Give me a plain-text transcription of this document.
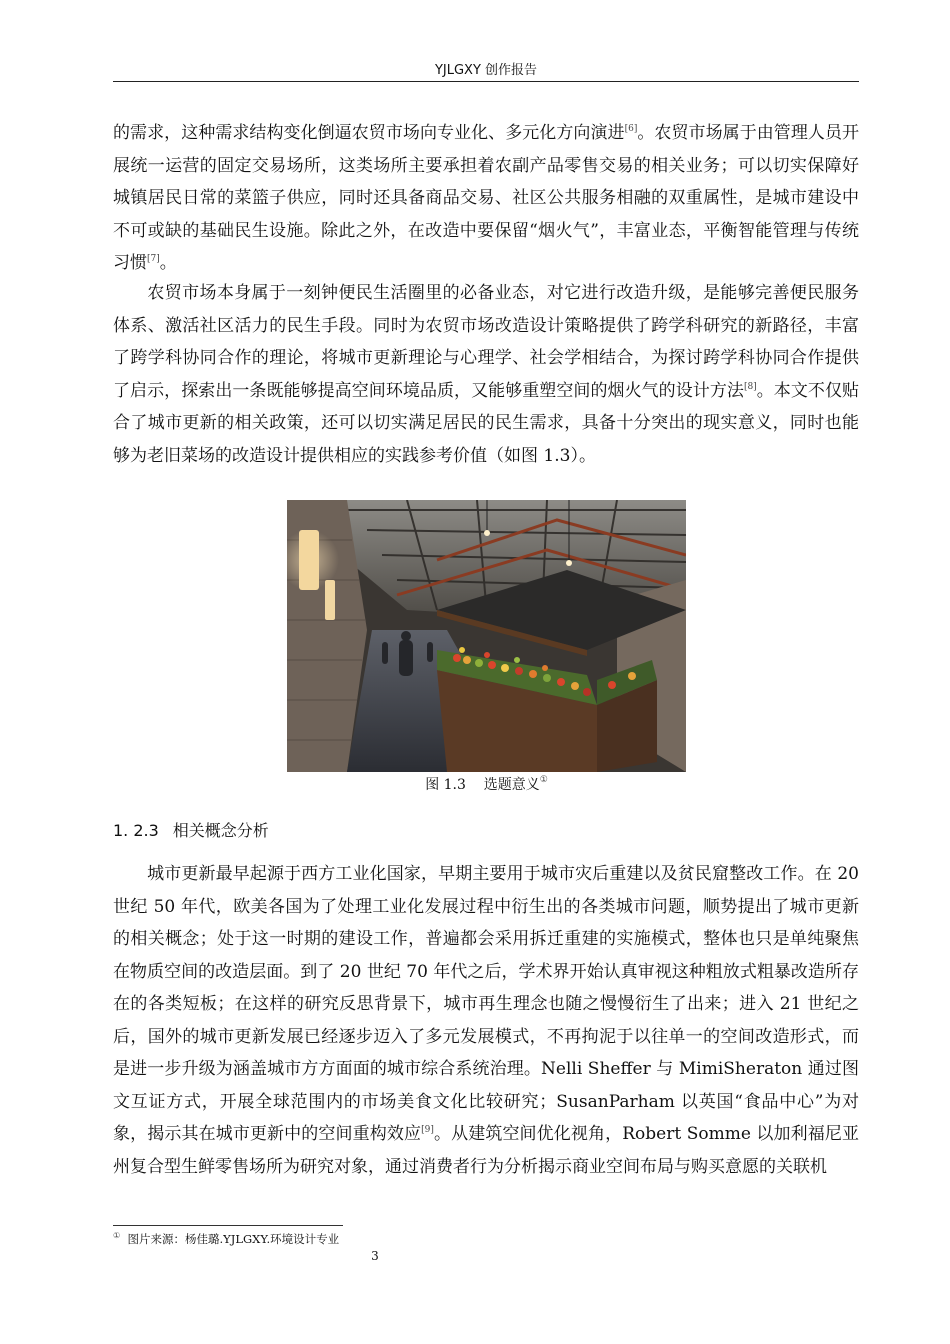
YJLGXY 创作报告

的需求，这种需求结构变化倒逼农贸市场向专业化、多元化方向演进[6]。农贸市场属于由管理人员开展统一运营的固定交易场所，这类场所主要承担着农副产品零售交易的相关业务；可以切实保障好城镇居民日常的菜篮子供应，同时还具备商品交易、社区公共服务相融的双重属性，是城市建设中不可或缺的基础民生设施。除此之外，在改造中要保留“烟火气”，丰富业态，平衡智能管理与传统习惯[7]。

农贸市场本身属于一刻钟便民生活圈里的必备业态，对它进行改造升级，是能够完善便民服务体系、激活社区活力的民生手段。同时为农贸市场改造设计策略提供了跨学科研究的新路径，丰富了跨学科协同合作的理论，将城市更新理论与心理学、社会学相结合，为探讨跨学科协同合作提供了启示，探索出一条既能够提高空间环境品质，又能够重塑空间的烟火气的设计方法[8]。本文不仅贴合了城市更新的相关政策，还可以切实满足居民的民生需求，具备十分突出的现实意义，同时也能够为老旧菜场的改造设计提供相应的实践参考价值（如图 1.3）。

图 1.3 选题意义①
1. 2.3 相关概念分析

城市更新最早起源于西方工业化国家，早期主要用于城市灾后重建以及贫民窟整改工作。在 20 世纪 50 年代，欧美各国为了处理工业化发展过程中衍生出的各类城市问题，顺势提出了城市更新的相关概念；处于这一时期的建设工作，普遍都会采用拆迁重建的实施模式，整体也只是单纯聚焦在物质空间的改造层面。到了 20 世纪 70 年代之后，学术界开始认真审视这种粗放式粗暴改造所存在的各类短板；在这样的研究反思背景下，城市再生理念也随之慢慢衍生了出来；进入 21 世纪之后，国外的城市更新发展已经逐步迈入了多元发展模式，不再拘泥于以往单一的空间改造形式，而是进一步升级为涵盖城市方方面面的城市综合系统治理。Nelli Sheffer 与 MimiSheraton 通过图文互证方式，开展全球范围内的市场美食文化比较研究；SusanParham 以英国“食品中心”为对象，揭示其在城市更新中的空间重构效应[9]。从建筑空间优化视角，Robert Somme 以加利福尼亚州复合型生鲜零售场所为研究对象，通过消费者行为分析揭示商业空间布局与购买意愿的关联机

① 图片来源：杨佳璐.YJLGXY.环境设计专业
3
